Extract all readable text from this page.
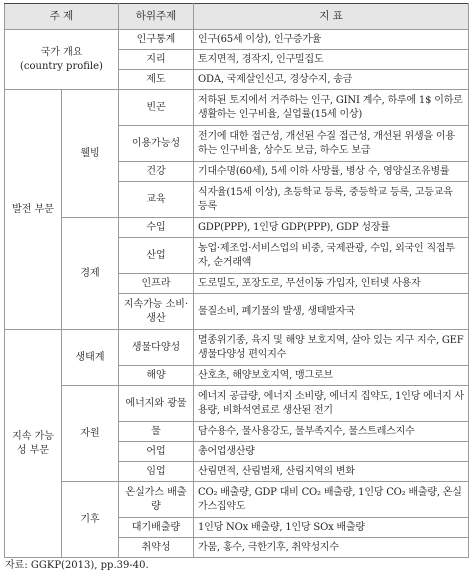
주 제		하위주제	지 표

국가 개요
(country profile)		인구통계	인구(65세 이상), 인구증가율
		지리	토지면적, 경작지, 인구밀집도
		제도	ODA, 국제살인신고, 경상수지, 송금
발전 부문	웰빙	빈곤	저하된 토지에서 거주하는 인구, GINI 계수, 하루에 1$ 이하로 생활하는 인구비율, 실업률(15세 이상)
		이용가능성	전기에 대한 접근성, 개선된 수질 접근성, 개선된 위생을 이용하는 인구비율, 상수도 보급, 하수도 보급
		건강	기대수명(60세), 5세 이하 사망률, 병상 수, 영양실조유병률
		교육	식자율(15세 이상), 초등학교 등록, 중등학교 등록, 고등교육 등록
	경제	수입	GDP(PPP), 1인당 GDP(PPP), GDP 성장률
		산업	농업·제조업·서비스업의 비중, 국제관광, 수입, 외국인 직접투자, 순거래액
		인프라	도로밀도, 포장도로, 무선이동 가입자, 인터넷 사용자
		지속가능 소비·생산	물질소비, 폐기물의 발생, 생태발자국
지속 가능성 부문	생태계	생물다양성	멸종위기종, 육지 및 해양 보호지역, 살아 있는 지구 지수, GEF 생물다양성 편익지수
		해양	산호초, 해양보호지역, 맹그로브
	자원	에너지와 광물	에너지 공급량, 에너지 소비량, 에너지 집약도, 1인당 에너지 사용량, 비화석연료로 생산된 전기
		물	담수용수, 물사용강도, 물부족지수, 물스트레스지수
		어업	총어업생산량
		임업	산림면적, 산림벌채, 산림지역의 변화
	기후	온실가스 배출량	CO₂ 배출량, GDP 대비 CO₂ 배출량, 1인당 CO₂ 배출량, 온실가스집약도
		대기배출량	1인당 NOx 배출량, 1인당 SOx 배출량
		취약성	가뭄, 홍수, 극한기후, 취약성지수
자료: GGKP(2013), pp.39-40.
